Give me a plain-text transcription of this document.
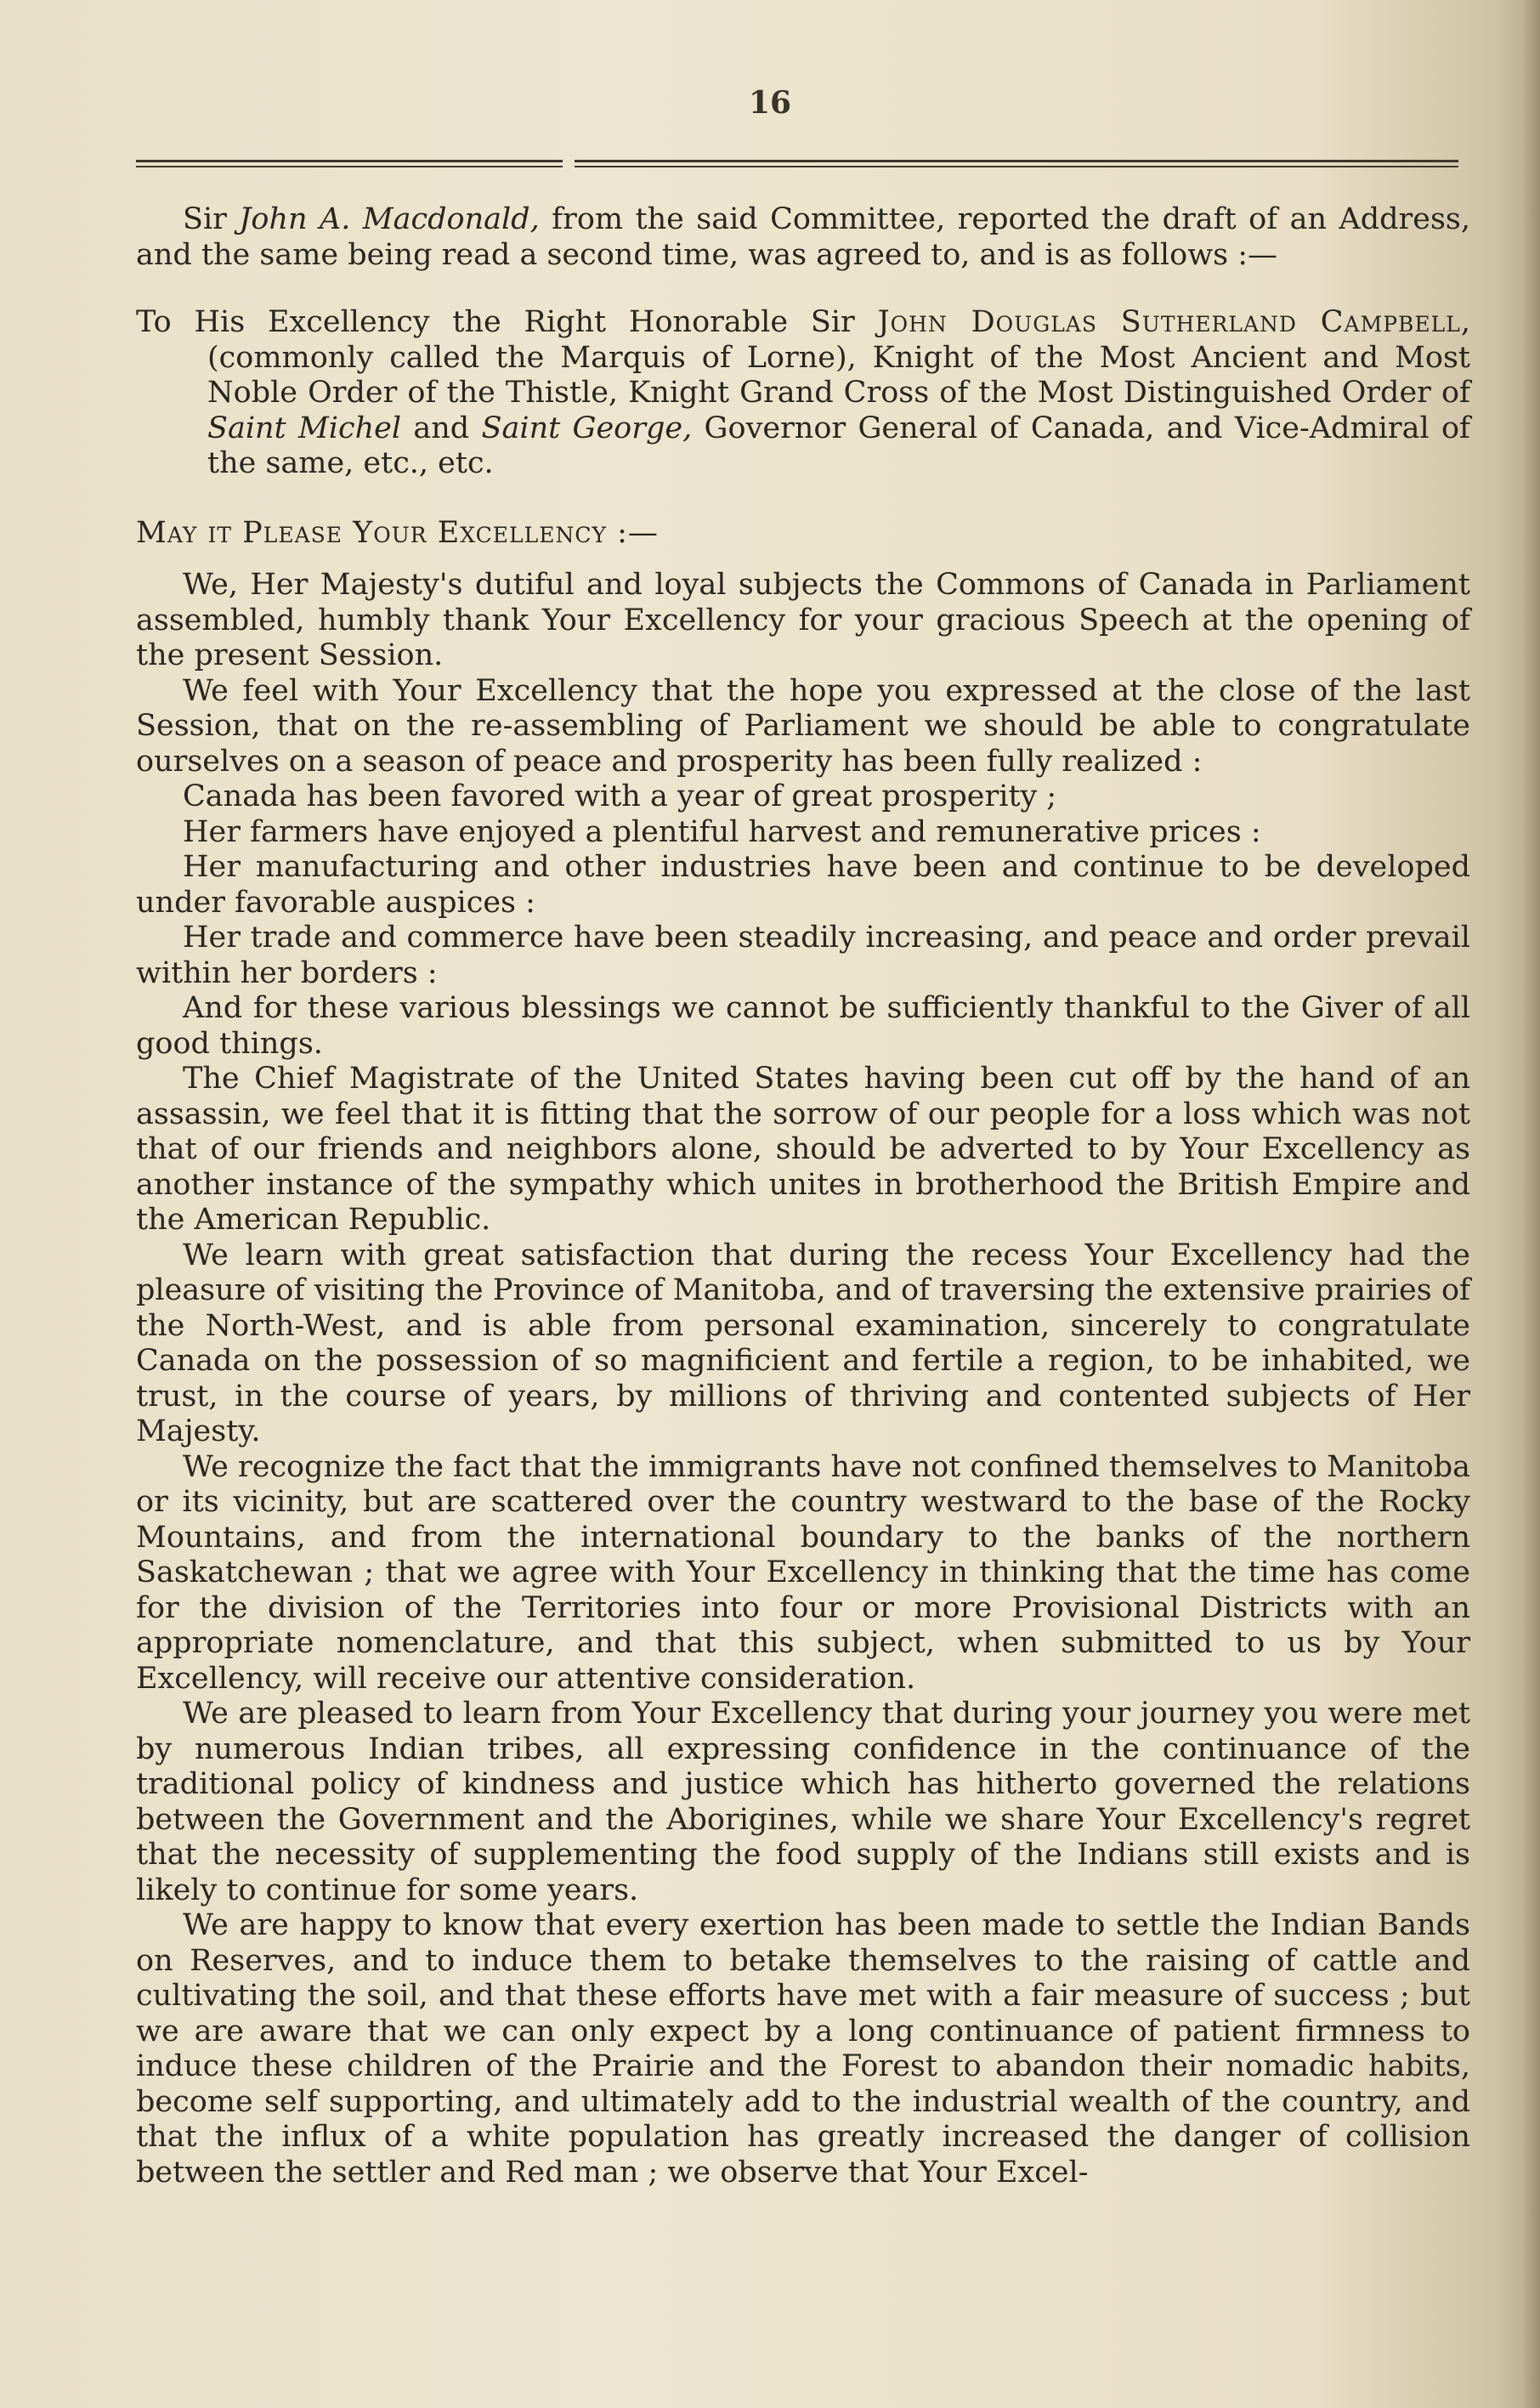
16

Sir John A. Macdonald, from the said Committee, reported the draft of an Address, and the same being read a second time, was agreed to, and is as follows :—

To His Excellency the Right Honorable Sir John Douglas Sutherland Campbell, (commonly called the Marquis of Lorne), Knight of the Most Ancient and Most Noble Order of the Thistle, Knight Grand Cross of the Most Distinguished Order of Saint Michel and Saint George, Governor General of Canada, and Vice-Admiral of the same, etc., etc.

May it Please Your Excellency :—

We, Her Majesty's dutiful and loyal subjects the Commons of Canada in Parliament assembled, humbly thank Your Excellency for your gracious Speech at the opening of the present Session.

We feel with Your Excellency that the hope you expressed at the close of the last Session, that on the re-assembling of Parliament we should be able to congratulate ourselves on a season of peace and prosperity has been fully realized :

Canada has been favored with a year of great prosperity ;

Her farmers have enjoyed a plentiful harvest and remunerative prices :

Her manufacturing and other industries have been and continue to be developed under favorable auspices :

Her trade and commerce have been steadily increasing, and peace and order prevail within her borders :

And for these various blessings we cannot be sufficiently thankful to the Giver of all good things.

The Chief Magistrate of the United States having been cut off by the hand of an assassin, we feel that it is fitting that the sorrow of our people for a loss which was not that of our friends and neighbors alone, should be adverted to by Your Excellency as another instance of the sympathy which unites in brotherhood the British Empire and the American Republic.

We learn with great satisfaction that during the recess Your Excellency had the pleasure of visiting the Province of Manitoba, and of traversing the extensive prairies of the North-West, and is able from personal examination, sincerely to congratulate Canada on the possession of so magnificient and fertile a region, to be inhabited, we trust, in the course of years, by millions of thriving and contented subjects of Her Majesty.

We recognize the fact that the immigrants have not confined themselves to Manitoba or its vicinity, but are scattered over the country westward to the base of the Rocky Mountains, and from the international boundary to the banks of the northern Saskatchewan ; that we agree with Your Excellency in thinking that the time has come for the division of the Territories into four or more Provisional Districts with an appropriate nomenclature, and that this subject, when submitted to us by Your Excellency, will receive our attentive consideration.

We are pleased to learn from Your Excellency that during your journey you were met by numerous Indian tribes, all expressing confidence in the continuance of the traditional policy of kindness and justice which has hitherto governed the relations between the Government and the Aborigines, while we share Your Excellency's regret that the necessity of supplementing the food supply of the Indians still exists and is likely to continue for some years.

We are happy to know that every exertion has been made to settle the Indian Bands on Reserves, and to induce them to betake themselves to the raising of cattle and cultivating the soil, and that these efforts have met with a fair measure of success ; but we are aware that we can only expect by a long continuance of patient firmness to induce these children of the Prairie and the Forest to abandon their nomadic habits, become self supporting, and ultimately add to the industrial wealth of the country, and that the influx of a white population has greatly increased the danger of collision between the settler and Red man ; we observe that Your Excel-
